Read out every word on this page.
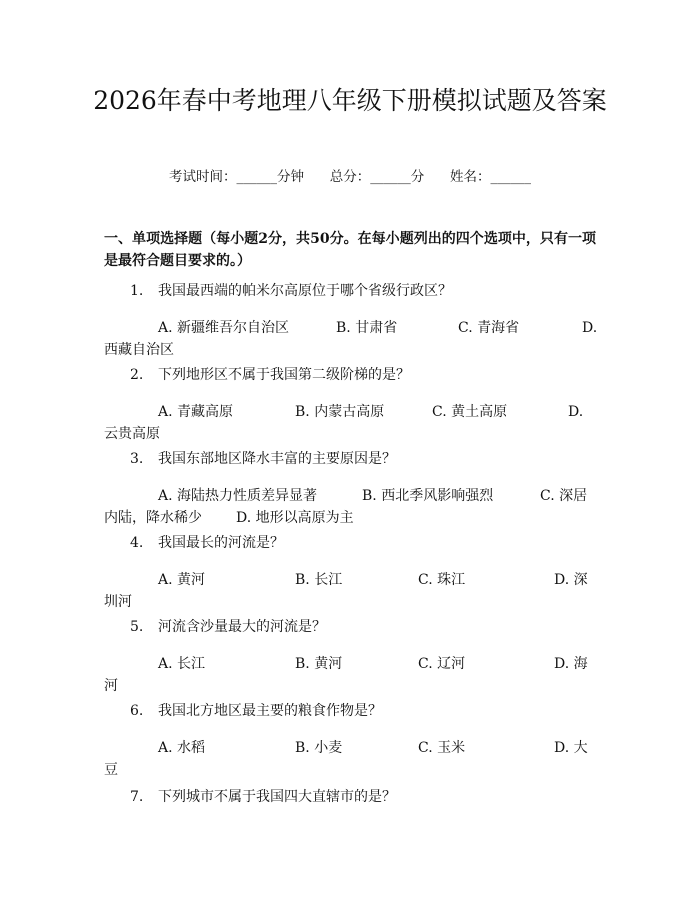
2026年春中考地理八年级下册模拟试题及答案
考试时间：______分钟 总分：______分 姓名：______

一、单项选择题（每小题2分，共50分。在每小题列出的四个选项中，只有一项是最符合题目要求的。）

1. 我国最西端的帕米尔高原位于哪个省级行政区？

A. 新疆维吾尔自治区	B. 甘肃省	C. 青海省	D.
西藏自治区

2. 下列地形区不属于我国第二级阶梯的是？

A. 青藏高原	B. 内蒙古高原	C. 黄土高原	D.
云贵高原

3. 我国东部地区降水丰富的主要原因是？

A. 海陆热力性质差异显著	B. 西北季风影响强烈	C. 深居
内陆，降水稀少 D. 地形以高原为主

4. 我国最长的河流是？

A. 黄河	B. 长江	C. 珠江	D. 深
圳河

5. 河流含沙量最大的河流是？

A. 长江	B. 黄河	C. 辽河	D. 海
河

6. 我国北方地区最主要的粮食作物是？

A. 水稻	B. 小麦	C. 玉米	D. 大
豆

7. 下列城市不属于我国四大直辖市的是？
